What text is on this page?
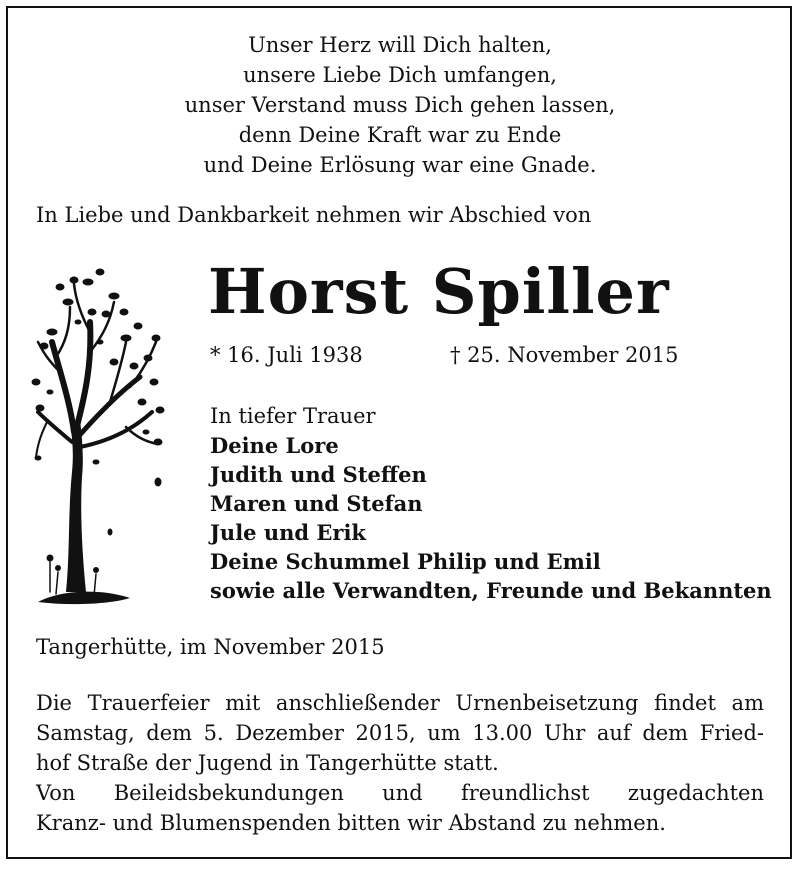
Unser Herz will Dich halten,
unsere Liebe Dich umfangen,
unser Verstand muss Dich gehen lassen,
denn Deine Kraft war zu Ende
und Deine Erlösung war eine Gnade.
In Liebe und Dankbarkeit nehmen wir Abschied von
Horst Spiller
* 16. Juli 1938	† 25. November 2015
In tiefer Trauer
Deine Lore
Judith und Steffen
Maren und Stefan
Jule und Erik
Deine Schummel Philip und Emil
sowie alle Verwandten, Freunde und Bekannten
Tangerhütte, im November 2015
Die Trauerfeier mit anschließender Urnenbeisetzung findet am
Samstag, dem 5. Dezember 2015, um 13.00 Uhr auf dem Fried-
hof Straße der Jugend in Tangerhütte statt.
Von Beileidsbekundungen und freundlichst zugedachten
Kranz- und Blumenspenden bitten wir Abstand zu nehmen.
